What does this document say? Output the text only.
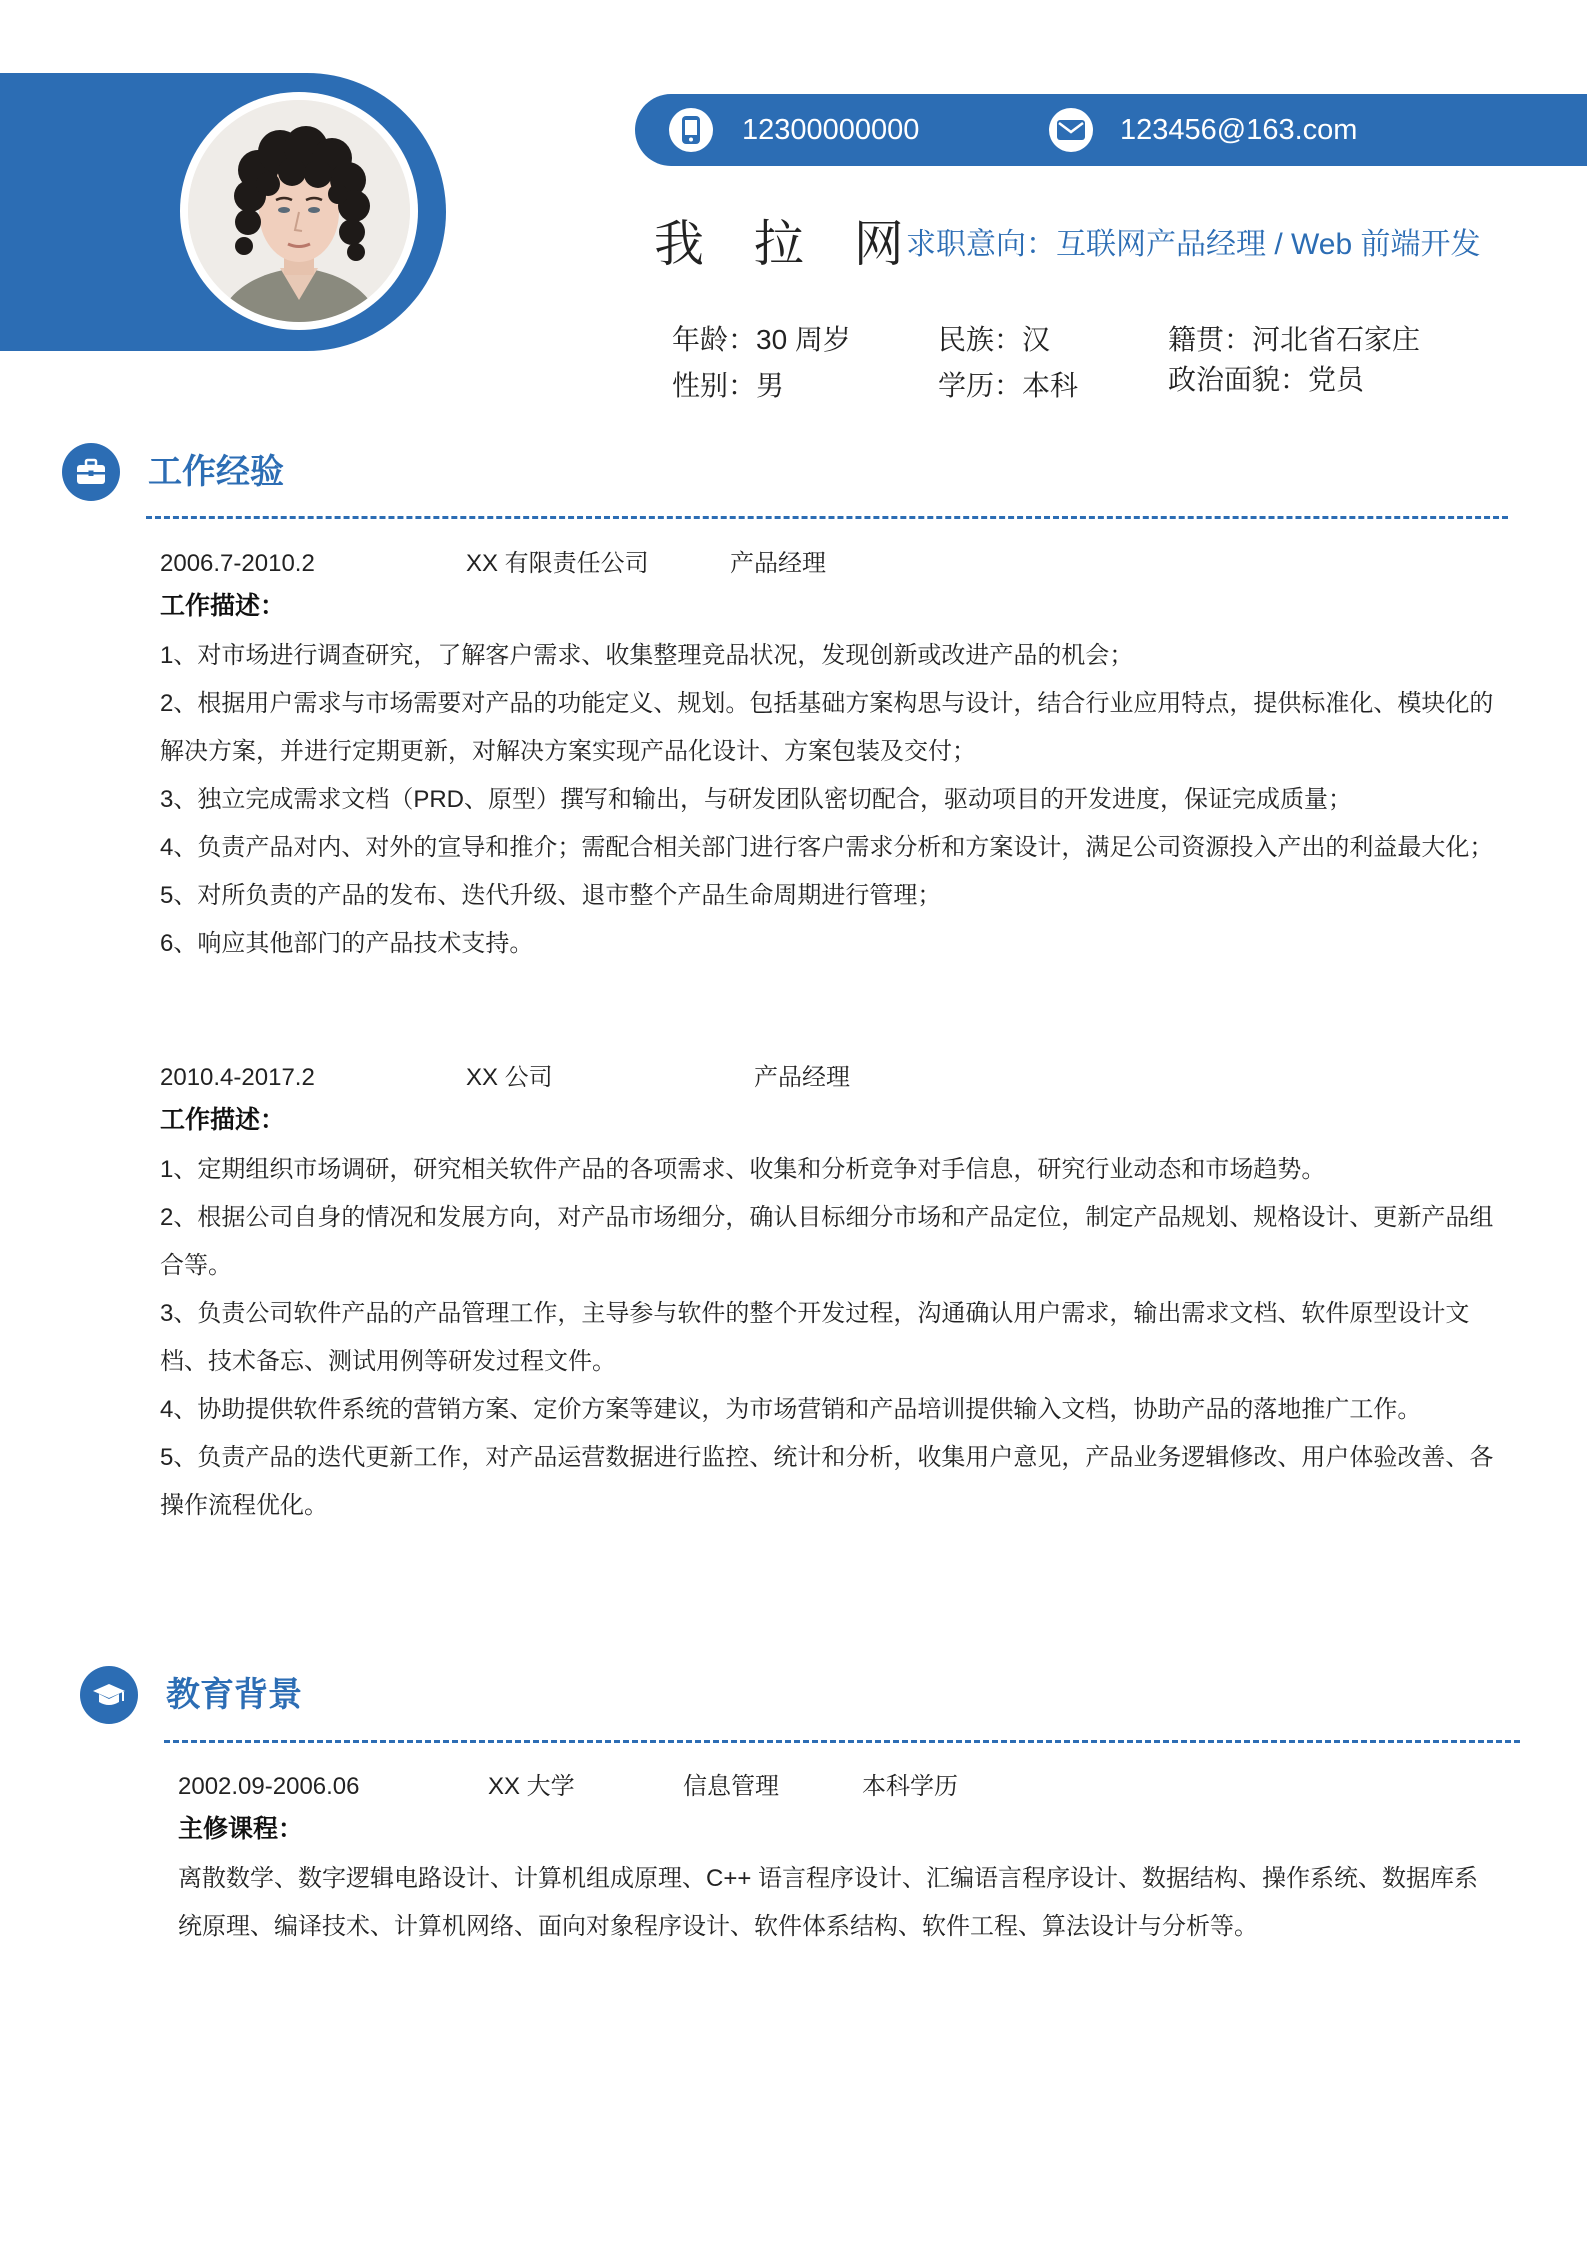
12300000000	123456@163.com
我 拉 网
求职意向：互联网产品经理 / Web 前端开发
年龄：30 周岁
性别：男
民族：汉
学历：本科
籍贯：河北省石家庄
政治面貌：党员
工作经验
2006.7-2010.2	XX 有限责任公司	产品经理
工作描述：

1、对市场进行调查研究，了解客户需求、收集整理竞品状况，发现创新或改进产品的机会；

2、根据用户需求与市场需要对产品的功能定义、规划。包括基础方案构思与设计，结合行业应用特点，提供标准化、模块化的解决方案，并进行定期更新，对解决方案实现产品化设计、方案包装及交付；

3、独立完成需求文档（PRD、原型）撰写和输出，与研发团队密切配合，驱动项目的开发进度，保证完成质量；

4、负责产品对内、对外的宣导和推介；需配合相关部门进行客户需求分析和方案设计，满足公司资源投入产出的利益最大化；

5、对所负责的产品的发布、迭代升级、退市整个产品生命周期进行管理；

6、响应其他部门的产品技术支持。

2010.4-2017.2	XX 公司	产品经理
工作描述：

1、定期组织市场调研，研究相关软件产品的各项需求、收集和分析竞争对手信息，研究行业动态和市场趋势。

2、根据公司自身的情况和发展方向，对产品市场细分，确认目标细分市场和产品定位，制定产品规划、规格设计、更新产品组合等。

3、负责公司软件产品的产品管理工作，主导参与软件的整个开发过程，沟通确认用户需求，输出需求文档、软件原型设计文档、技术备忘、测试用例等研发过程文件。

4、协助提供软件系统的营销方案、定价方案等建议，为市场营销和产品培训提供输入文档，协助产品的落地推广工作。

5、负责产品的迭代更新工作，对产品运营数据进行监控、统计和分析，收集用户意见，产品业务逻辑修改、用户体验改善、各操作流程优化。

教育背景
2002.09-2006.06	XX 大学	信息管理	本科学历
主修课程：

离散数学、数字逻辑电路设计、计算机组成原理、C++ 语言程序设计、汇编语言程序设计、数据结构、操作系统、数据库系统原理、编译技术、计算机网络、面向对象程序设计、软件体系结构、软件工程、算法设计与分析等。
